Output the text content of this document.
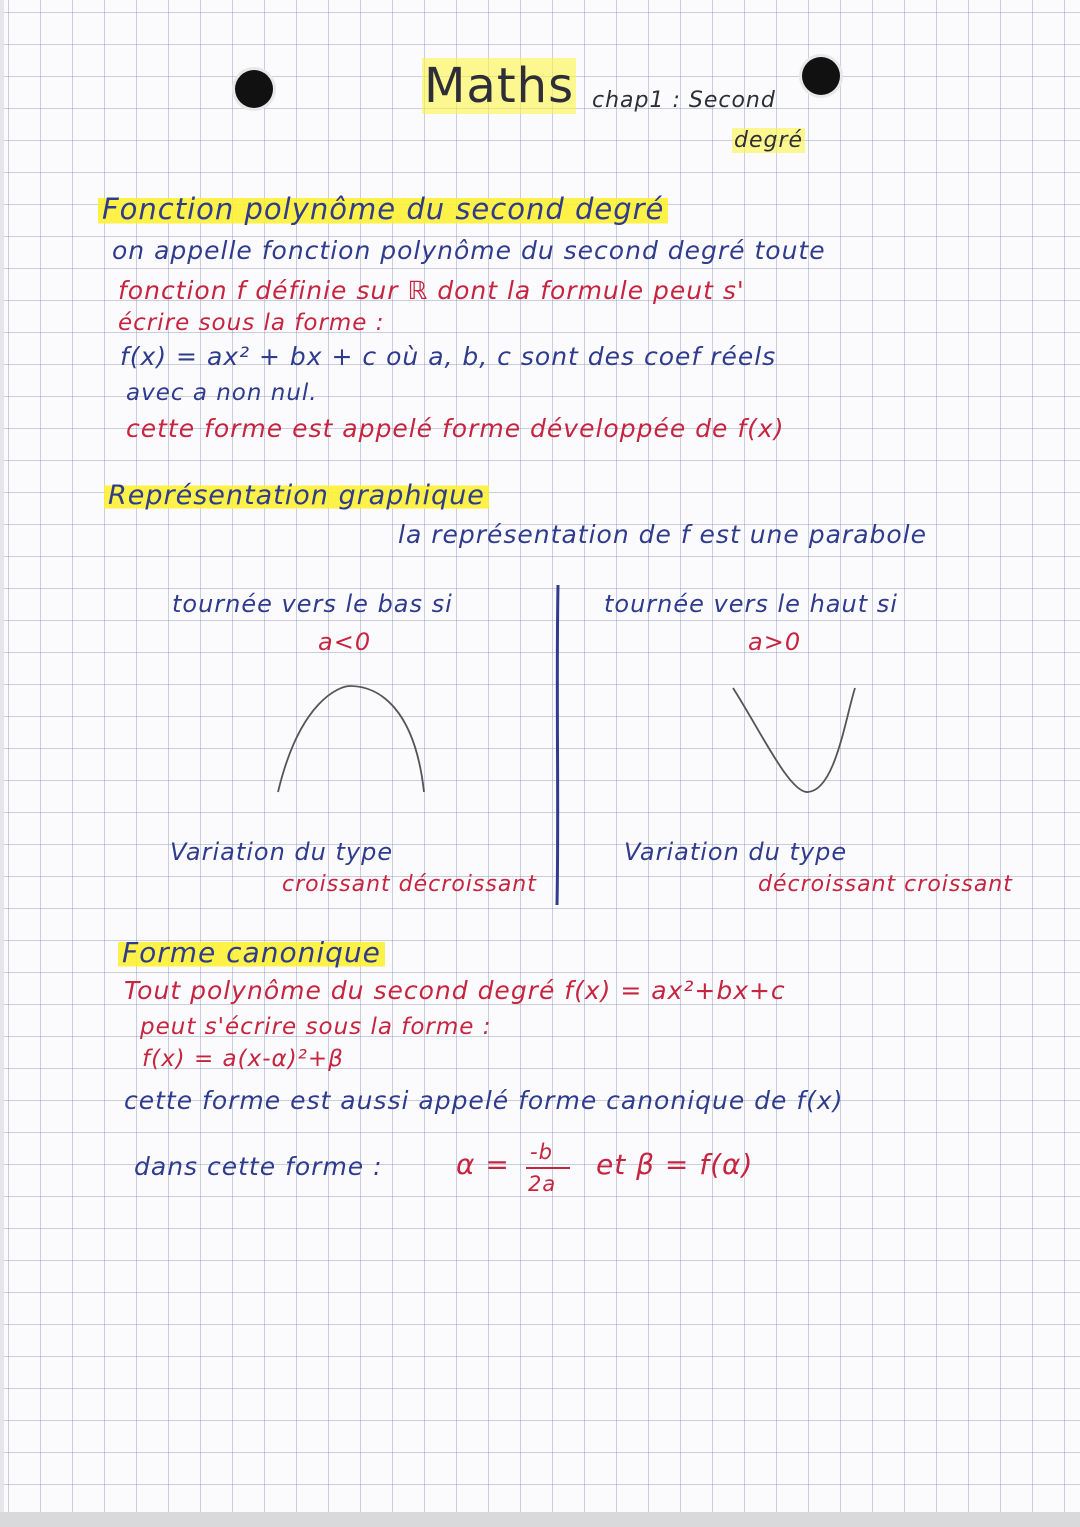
Maths chap1 : Second
degré
Fonction polynôme du second degré
on appelle fonction polynôme du second degré toute
fonction f définie sur ℝ dont la formule peut s'
écrire sous la forme :
f(x) = ax² + bx + c où a, b, c sont des coef réels
avec a non nul.
cette forme est appelé forme développée de f(x)
Représentation graphique
la représentation de f est une parabole
tournée vers le bas si
a<0
tournée vers le haut si
a>0
Variation du type
croissant décroissant
Variation du type
décroissant croissant
Forme canonique
Tout polynôme du second degré f(x) = ax²+bx+c
peut s'écrire sous la forme :
f(x) = a(x-α)²+β
cette forme est aussi appelé forme canonique de f(x)
dans cette forme :	α = -b
2a
et β = f(α)
